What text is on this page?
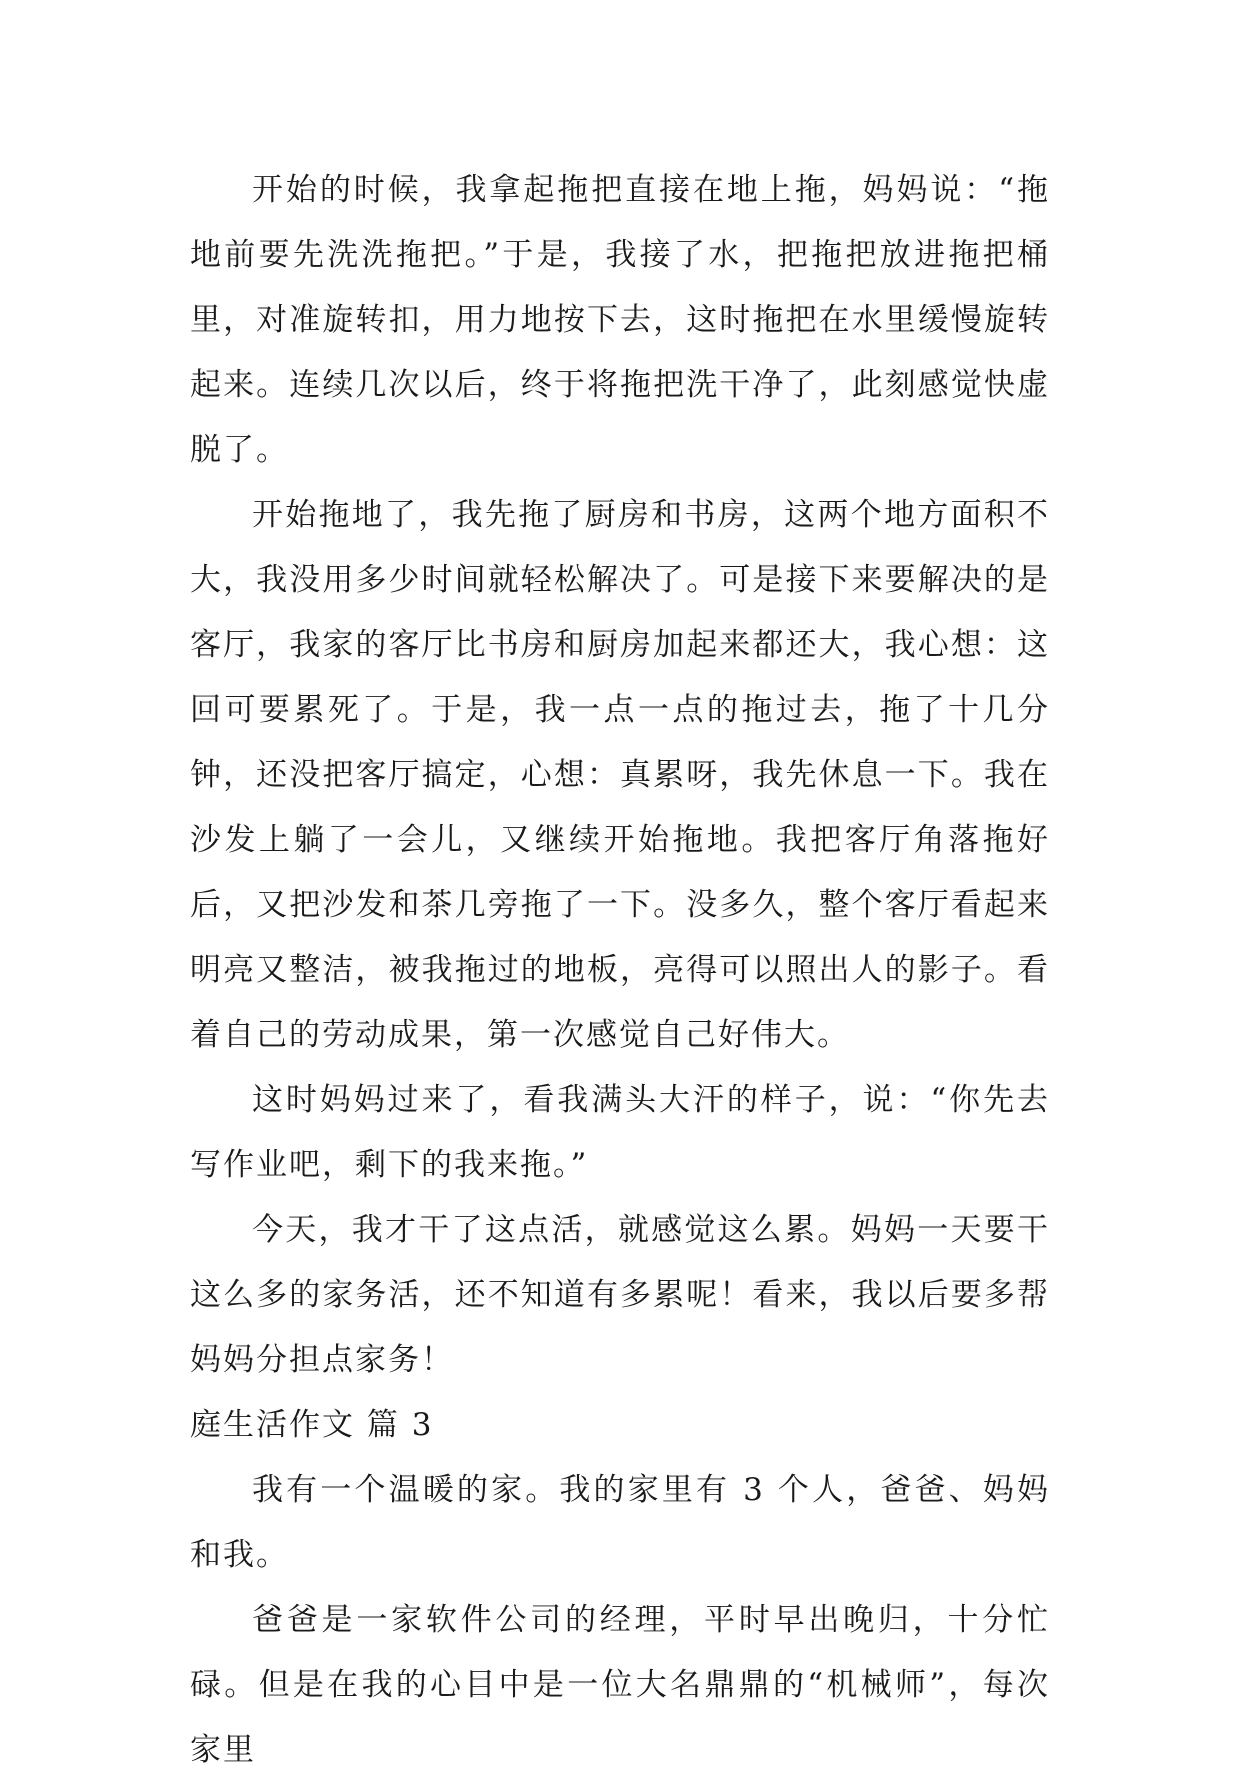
开始的时候，我拿起拖把直接在地上拖，妈妈说：“拖地前要先洗洗拖把。”于是，我接了水，把拖把放进拖把桶里，对准旋转扣，用力地按下去，这时拖把在水里缓慢旋转起来。连续几次以后，终于将拖把洗干净了，此刻感觉快虚脱了。

开始拖地了，我先拖了厨房和书房，这两个地方面积不大，我没用多少时间就轻松解决了。可是接下来要解决的是客厅，我家的客厅比书房和厨房加起来都还大，我心想：这回可要累死了。于是，我一点一点的拖过去，拖了十几分钟，还没把客厅搞定，心想：真累呀，我先休息一下。我在沙发上躺了一会儿，又继续开始拖地。我把客厅角落拖好后，又把沙发和茶几旁拖了一下。没多久，整个客厅看起来明亮又整洁，被我拖过的地板，亮得可以照出人的影子。看着自己的劳动成果，第一次感觉自己好伟大。

这时妈妈过来了，看我满头大汗的样子，说：“你先去写作业吧，剩下的我来拖。”

今天，我才干了这点活，就感觉这么累。妈妈一天要干这么多的家务活，还不知道有多累呢！看来，我以后要多帮妈妈分担点家务！

庭生活作文 篇 3

我有一个温暖的家。我的家里有 3 个人，爸爸、妈妈和我。

爸爸是一家软件公司的经理，平时早出晚归，十分忙碌。但是在我的心目中是一位大名鼎鼎的“机械师”，每次家里
